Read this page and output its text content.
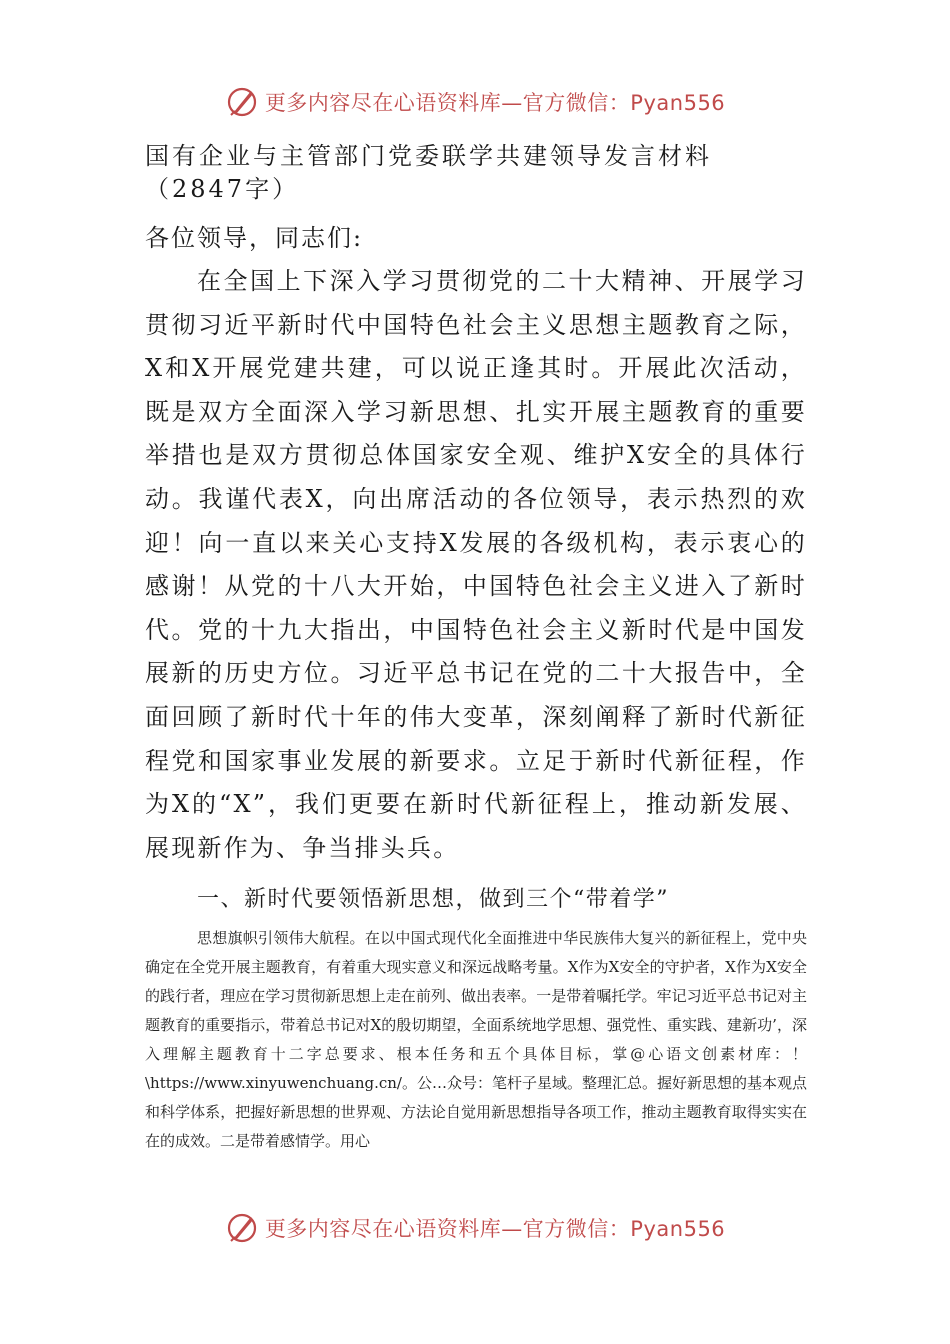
更多内容尽在心语资料库—官方微信：Pyan556
国有企业与主管部门党委联学共建领导发言材料（2847字）

各位领导，同志们:

在全国上下深入学习贯彻党的二十大精神、开展学习贯彻习近平新时代中国特色社会主义思想主题教育之际，X和X开展党建共建，可以说正逢其时。开展此次活动，既是双方全面深入学习新思想、扎实开展主题教育的重要举措也是双方贯彻总体国家安全观、维护X安全的具体行动。我谨代表X，向出席活动的各位领导，表示热烈的欢迎！向一直以来关心支持X发展的各级机构，表示衷心的感谢！从党的十八大开始，中国特色社会主义进入了新时代。党的十九大指出，中国特色社会主义新时代是中国发展新的历史方位。习近平总书记在党的二十大报告中，全面回顾了新时代十年的伟大变革，深刻阐释了新时代新征程党和国家事业发展的新要求。立足于新时代新征程，作为X的“X”，我们更要在新时代新征程上，推动新发展、展现新作为、争当排头兵。

一、新时代要领悟新思想，做到三个“带着学”

思想旗帜引领伟大航程。在以中国式现代化全面推进中华民族伟大复兴的新征程上，党中央确定在全党开展主题教育，有着重大现实意义和深远战略考量。X作为X安全的守护者，X作为X安全的践行者，理应在学习贯彻新思想上走在前列、做出表率。一是带着嘱托学。牢记习近平总书记对主题教育的重要指示，带着总书记对X的殷切期望，全面系统地学思想、强党性、重实践、建新功’，深入理解主题教育十二字总要求、根本任务和五个具体目标，掌@心语文创素材库：！\https://www.xinyuwenchuang.cn/。公…众号：笔杆子星域。整理汇总。握好新思想的基本观点和科学体系，把握好新思想的世界观、方法论自觉用新思想指导各项工作，推动主题教育取得实实在在的成效。二是带着感情学。用心

更多内容尽在心语资料库—官方微信：Pyan556
